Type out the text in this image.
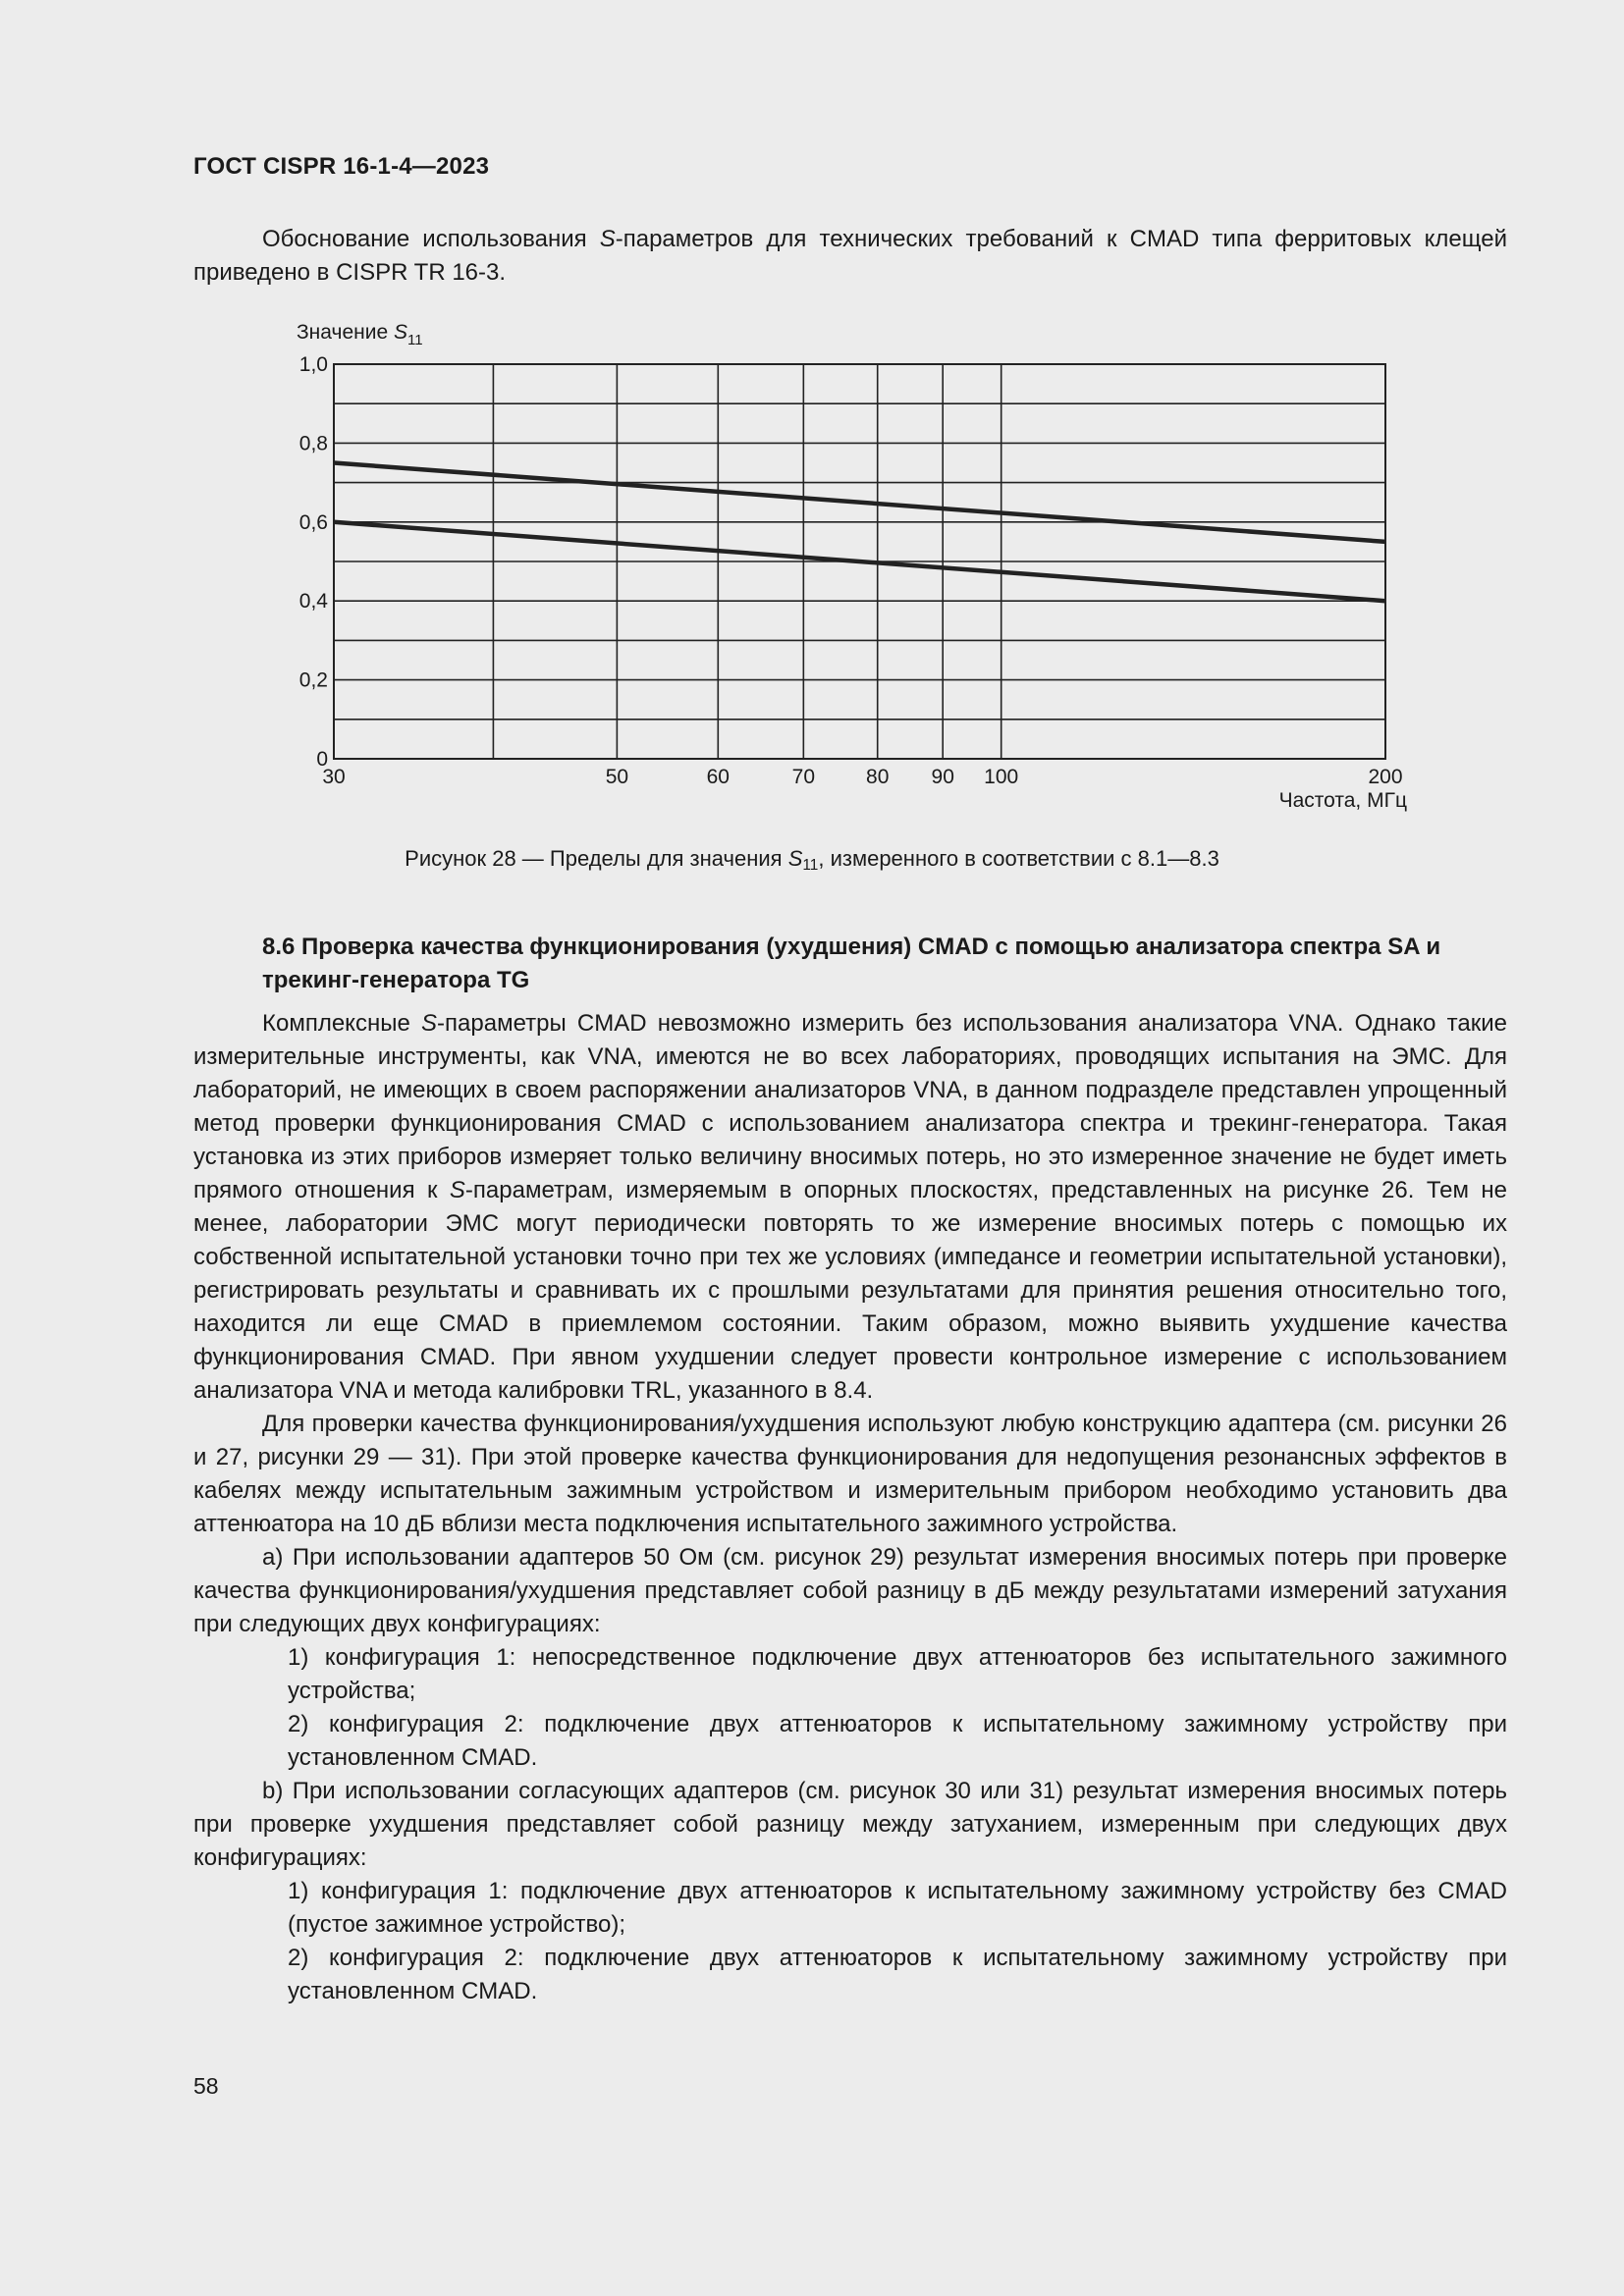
ГОСТ CISPR 16-1-4—2023

Обоснование использования S-параметров для технических требований к CMAD типа ферритовых клещей приведено в CISPR TR 16-3.

0
0,2
0,4
0,6
0,8
1,0
30	50	60	70 80 90 100	200
Частота, МГц
Значение $S_{11}$
Рисунок 28 — Пределы для значения $S_{11}$, измеренного в соответствии с 8.1—8.3
8.6 Проверка качества функционирования (ухудшения) CMAD с помощью анализатора спектра SA и трекинг-генератора TG

Комплексные S-параметры CMAD невозможно измерить без использования анализатора VNA. Однако такие измерительные инструменты, как VNA, имеются не во всех лабораториях, проводящих испытания на ЭМС. Для лабораторий, не имеющих в своем распоряжении анализаторов VNA, в данном подразделе представлен упрощенный метод проверки функционирования CMAD с использованием анализатора спектра и трекинг-генератора. Такая установка из этих приборов измеряет только величину вносимых потерь, но это измеренное значение не будет иметь прямого отношения к S-параметрам, измеряемым в опорных плоскостях, представленных на рисунке 26. Тем не менее, лаборатории ЭМС могут периодически повторять то же измерение вносимых потерь с помощью их собственной испытательной установки точно при тех же условиях (импедансе и геометрии испытательной установки), регистрировать результаты и сравнивать их с прошлыми результатами для принятия решения относительно того, находится ли еще CMAD в приемлемом состоянии. Таким образом, можно выявить ухудшение качества функционирования CMAD. При явном ухудшении следует провести контрольное измерение с использованием анализатора VNA и метода калибровки TRL, указанного в 8.4.

Для проверки качества функционирования/ухудшения используют любую конструкцию адаптера (см. рисунки 26 и 27, рисунки 29 — 31). При этой проверке качества функционирования для недопущения резонансных эффектов в кабелях между испытательным зажимным устройством и измерительным прибором необходимо установить два аттенюатора на 10 дБ вблизи места подключения испытательного зажимного устройства.

a) При использовании адаптеров 50 Ом (см. рисунок 29) результат измерения вносимых потерь при проверке качества функционирования/ухудшения представляет собой разницу в дБ между результатами измерений затухания при следующих двух конфигурациях:

1) конфигурация 1: непосредственное подключение двух аттенюаторов без испытательного зажимного устройства;

2) конфигурация 2: подключение двух аттенюаторов к испытательному зажимному устройству при установленном CMAD.

b) При использовании согласующих адаптеров (см. рисунок 30 или 31) результат измерения вносимых потерь при проверке ухудшения представляет собой разницу между затуханием, измеренным при следующих двух конфигурациях:

1) конфигурация 1: подключение двух аттенюаторов к испытательному зажимному устройству без CMAD (пустое зажимное устройство);

2) конфигурация 2: подключение двух аттенюаторов к испытательному зажимному устройству при установленном CMAD.

58
